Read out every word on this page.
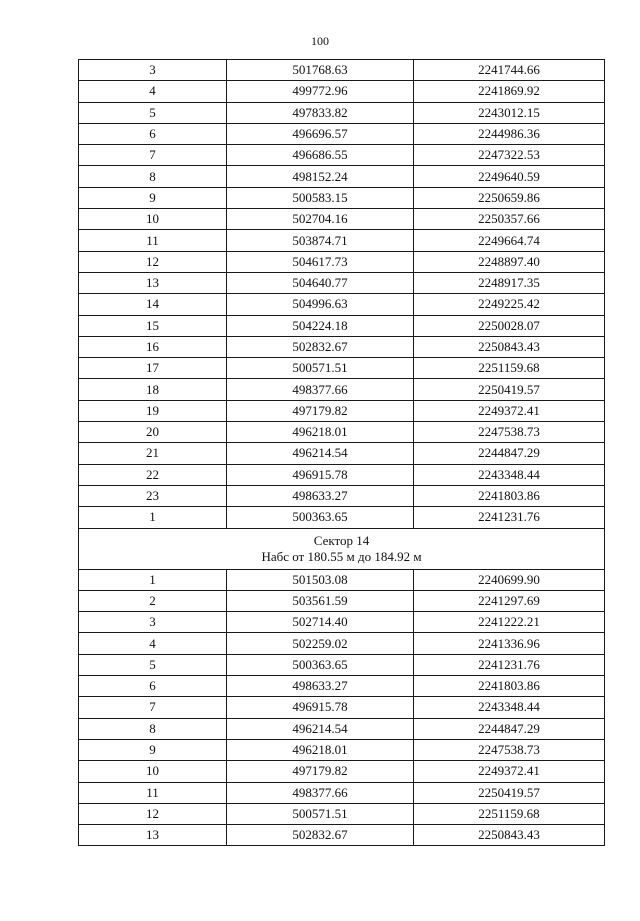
100
3	501768.63	2241744.66
4	499772.96	2241869.92
5	497833.82	2243012.15
6	496696.57	2244986.36
7	496686.55	2247322.53
8	498152.24	2249640.59
9	500583.15	2250659.86
10	502704.16	2250357.66
11	503874.71	2249664.74
12	504617.73	2248897.40
13	504640.77	2248917.35
14	504996.63	2249225.42
15	504224.18	2250028.07
16	502832.67	2250843.43
17	500571.51	2251159.68
18	498377.66	2250419.57
19	497179.82	2249372.41
20	496218.01	2247538.73
21	496214.54	2244847.29
22	496915.78	2243348.44
23	498633.27	2241803.86
1	500363.65	2241231.76

Сектор 14
Набс от 180.55 м до 184.92 м		

1	501503.08	2240699.90
2	503561.59	2241297.69
3	502714.40	2241222.21
4	502259.02	2241336.96
5	500363.65	2241231.76
6	498633.27	2241803.86
7	496915.78	2243348.44
8	496214.54	2244847.29
9	496218.01	2247538.73
10	497179.82	2249372.41
11	498377.66	2250419.57
12	500571.51	2251159.68
13	502832.67	2250843.43
